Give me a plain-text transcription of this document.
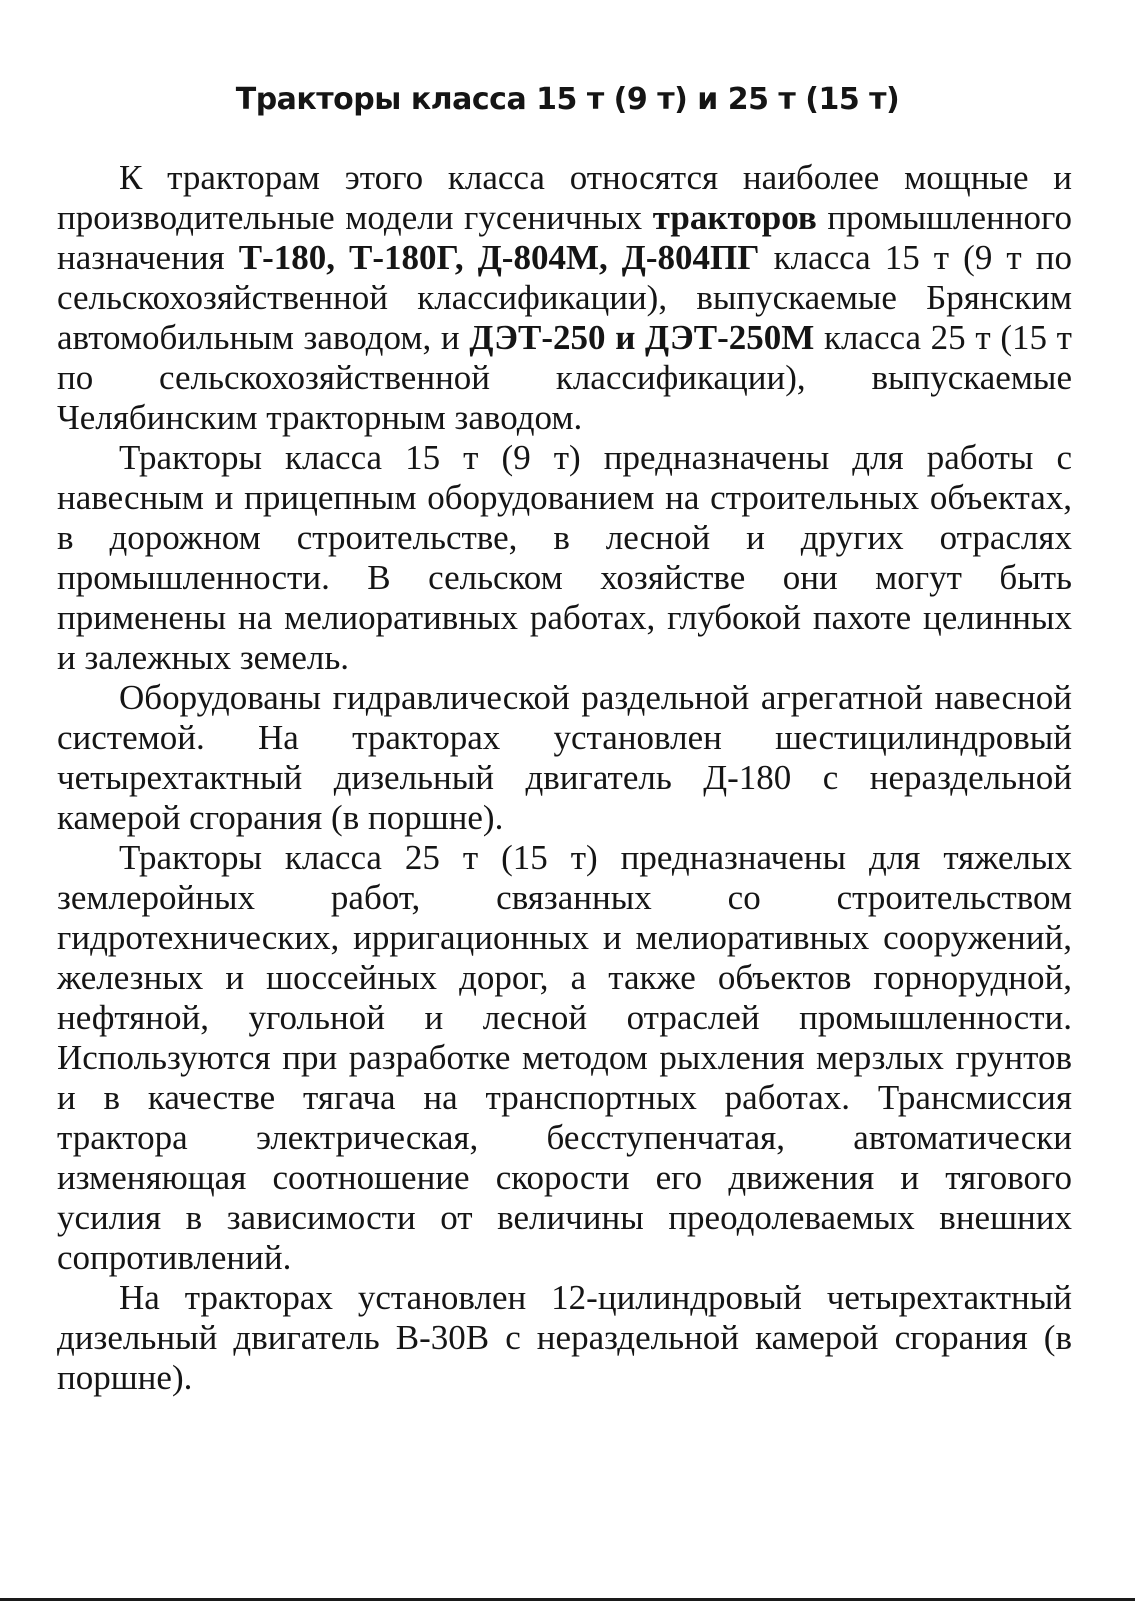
Тракторы класса 15 т (9 т) и 25 т (15 т)

К тракторам этого класса относятся наиболее мощные и производительные модели гусеничных тракторов промышленного назначения Т-180, Т-180Г, Д-804М, Д-804ПГ класса 15 т (9 т по сельскохозяйственной классификации), выпускаемые Брянским автомобильным заводом, и ДЭТ-250 и ДЭТ-250М класса 25 т (15 т по сельскохозяйственной классификации), выпускаемые Челябинским тракторным заводом.

Тракторы класса 15 т (9 т) предназначены для работы с навесным и прицепным оборудованием на строительных объектах, в дорожном строительстве, в лесной и других отраслях промышленности. В сельском хозяйстве они могут быть применены на мелиоративных работах, глубокой пахоте целинных и залежных земель.

Оборудованы гидравлической раздельной агрегатной навесной системой. На тракторах установлен шестицилиндровый четырехтактный дизельный двигатель Д-180 с нераздельной камерой сгорания (в поршне).

Тракторы класса 25 т (15 т) предназначены для тяжелых землеройных работ, связанных со строительством гидротехнических, ирригационных и мелиоративных сооружений, железных и шоссейных дорог, а также объектов горнорудной, нефтяной, угольной и лесной отраслей промышленности. Используются при разработке методом рыхления мерзлых грунтов и в качестве тягача на транспортных работах. Трансмиссия трактора электрическая, бесступенчатая, автоматически изменяющая соотношение скорости его движения и тягового усилия в зависимости от величины преодолеваемых внешних сопротивлений.

На тракторах установлен 12-цилиндровый четырехтактный дизельный двигатель В-30В с нераздельной камерой сгорания (в поршне).
